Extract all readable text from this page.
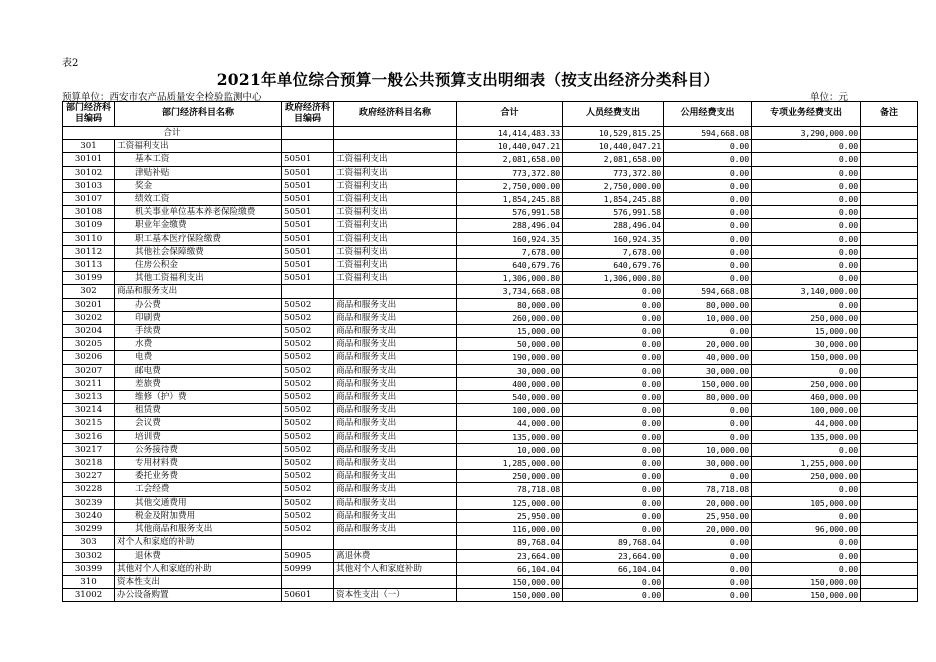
表2
2021年单位综合预算一般公共预算支出明细表（按支出经济分类科目）
预算单位：西安市农产品质量安全检验监测中心	单位：元
部门经济科目编码	部门经济科目名称	政府经济科目编码	政府经济科目名称	合计	人员经费支出	公用经费支出	专项业务经费支出	备注
合计				14,414,483.33	10,529,815.25	594,668.08	3,290,000.00	
301	工资福利支出			10,440,047.21	10,440,047.21	0.00	0.00	
30101	基本工资	50501	工资福利支出	2,081,658.00	2,081,658.00	0.00	0.00	
30102	津贴补贴	50501	工资福利支出	773,372.80	773,372.80	0.00	0.00	
30103	奖金	50501	工资福利支出	2,750,000.00	2,750,000.00	0.00	0.00	
30107	绩效工资	50501	工资福利支出	1,854,245.88	1,854,245.88	0.00	0.00	
30108	机关事业单位基本养老保险缴费	50501	工资福利支出	576,991.58	576,991.58	0.00	0.00	
30109	职业年金缴费	50501	工资福利支出	288,496.04	288,496.04	0.00	0.00	
30110	职工基本医疗保险缴费	50501	工资福利支出	160,924.35	160,924.35	0.00	0.00	
30112	其他社会保障缴费	50501	工资福利支出	7,678.00	7,678.00	0.00	0.00	
30113	住房公积金	50501	工资福利支出	640,679.76	640,679.76	0.00	0.00	
30199	其他工资福利支出	50501	工资福利支出	1,306,000.80	1,306,000.80	0.00	0.00	
302	商品和服务支出			3,734,668.08	0.00	594,668.08	3,140,000.00	
30201	办公费	50502	商品和服务支出	80,000.00	0.00	80,000.00	0.00	
30202	印刷费	50502	商品和服务支出	260,000.00	0.00	10,000.00	250,000.00	
30204	手续费	50502	商品和服务支出	15,000.00	0.00	0.00	15,000.00	
30205	水费	50502	商品和服务支出	50,000.00	0.00	20,000.00	30,000.00	
30206	电费	50502	商品和服务支出	190,000.00	0.00	40,000.00	150,000.00	
30207	邮电费	50502	商品和服务支出	30,000.00	0.00	30,000.00	0.00	
30211	差旅费	50502	商品和服务支出	400,000.00	0.00	150,000.00	250,000.00	
30213	维修（护）费	50502	商品和服务支出	540,000.00	0.00	80,000.00	460,000.00	
30214	租赁费	50502	商品和服务支出	100,000.00	0.00	0.00	100,000.00	
30215	会议费	50502	商品和服务支出	44,000.00	0.00	0.00	44,000.00	
30216	培训费	50502	商品和服务支出	135,000.00	0.00	0.00	135,000.00	
30217	公务接待费	50502	商品和服务支出	10,000.00	0.00	10,000.00	0.00	
30218	专用材料费	50502	商品和服务支出	1,285,000.00	0.00	30,000.00	1,255,000.00	
30227	委托业务费	50502	商品和服务支出	250,000.00	0.00	0.00	250,000.00	
30228	工会经费	50502	商品和服务支出	78,718.08	0.00	78,718.08	0.00	
30239	其他交通费用	50502	商品和服务支出	125,000.00	0.00	20,000.00	105,000.00	
30240	税金及附加费用	50502	商品和服务支出	25,950.00	0.00	25,950.00	0.00	
30299	其他商品和服务支出	50502	商品和服务支出	116,000.00	0.00	20,000.00	96,000.00	
303	对个人和家庭的补助			89,768.04	89,768.04	0.00	0.00	
30302	退休费	50905	离退休费	23,664.00	23,664.00	0.00	0.00	
30399	其他对个人和家庭的补助	50999	其他对个人和家庭补助	66,104.04	66,104.04	0.00	0.00	
310	资本性支出			150,000.00	0.00	0.00	150,000.00	
31002	办公设备购置	50601	资本性支出（一）	150,000.00	0.00	0.00	150,000.00	
